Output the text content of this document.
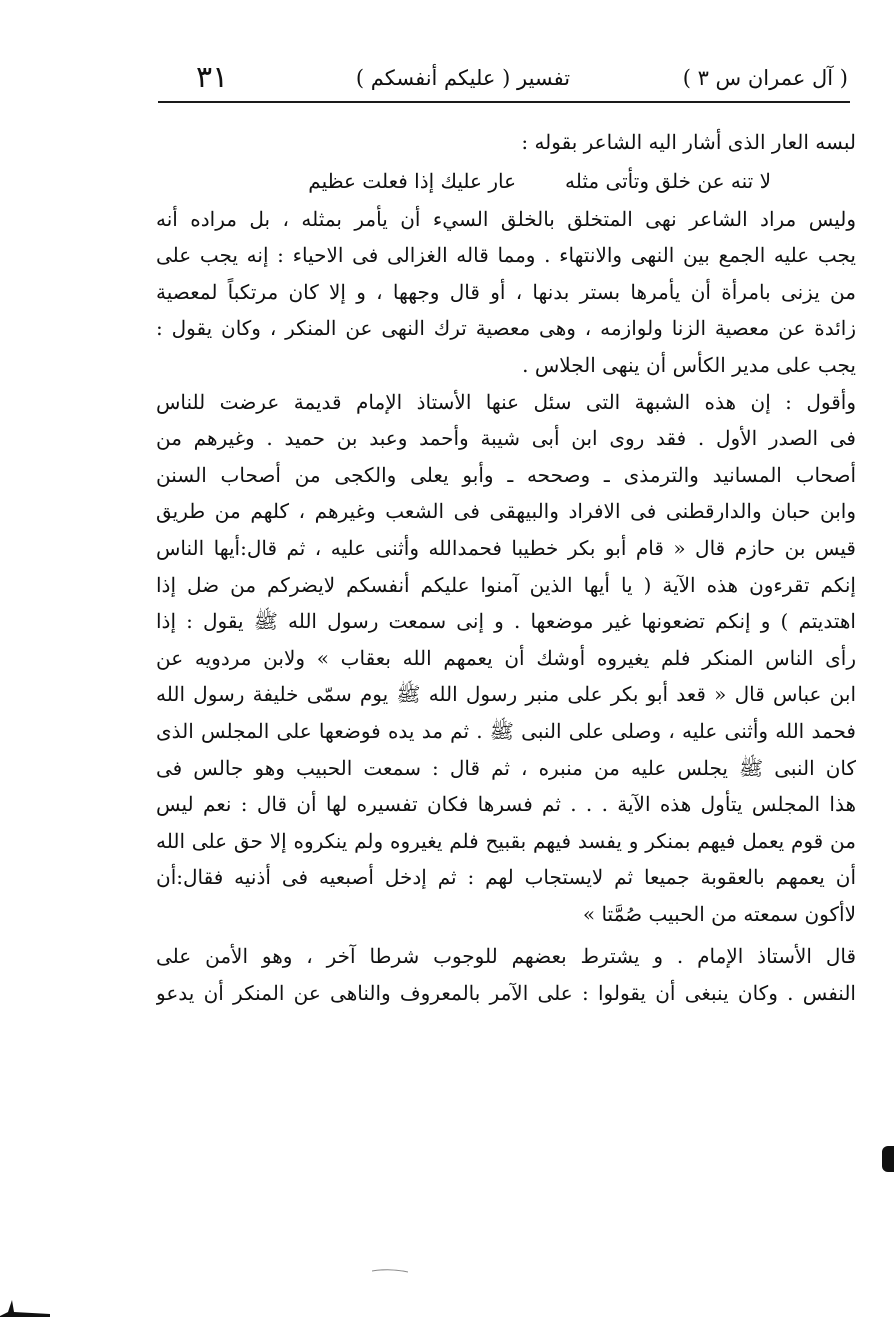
( آل عمران س ٣ )
تفسير ( عليكم أنفسكم )
٣١
لبسه العار الذى أشار اليه الشاعر بقوله :
لا تنه عن خلق وتأتى مثله
عار عليك إذا فعلت عظيم
وليس مراد الشاعر نهى المتخلق بالخلق السيء أن يأمر بمثله ، بل مراده أنه
يجب عليه الجمع بين النهى والانتهاء . ومما قاله الغزالى فى الاحياء : إنه يجب على
من يزنى بامرأة أن يأمرها بستر بدنها ، أو قال وجهها ، و إلا كان مرتكباً لمعصية
زائدة عن معصية الزنا ولوازمه ، وهى معصية ترك النهى عن المنكر ، وكان يقول :
يجب على مدير الكأس أن ينهى الجلاس .
وأقول : إن هذه الشبهة التى سئل عنها الأستاذ الإمام قديمة عرضت للناس
فى الصدر الأول . فقد روى ابن أبى شيبة وأحمد وعبد بن حميد . وغيرهم من
أصحاب المسانيد والترمذى ـ وصححه ـ وأبو يعلى والكجى من أصحاب السنن
وابن حبان والدارقطنى فى الافراد والبيهقى فى الشعب وغيرهم ، كلهم من طريق
قيس بن حازم قال « قام أبو بكر خطيبا فحمدالله وأثنى عليه ، ثم قال:أيها الناس
إنكم تقرءون هذه الآية ( يا أيها الذين آمنوا عليكم أنفسكم لايضركم من ضل إذا
اهتديتم ) و إنكم تضعونها غير موضعها . و إنى سمعت رسول الله ﷺ يقول : إذا
رأى الناس المنكر فلم يغيروه أوشك أن يعمهم الله بعقاب » ولابن مردويه عن
ابن عباس قال « قعد أبو بكر على منبر رسول الله ﷺ يوم سمّى خليفة رسول الله
فحمد الله وأثنى عليه ، وصلى على النبى ﷺ . ثم مد يده فوضعها على المجلس الذى
كان النبى ﷺ يجلس عليه من منبره ، ثم قال : سمعت الحبيب وهو جالس فى
هذا المجلس يتأول هذه الآية . . . ثم فسرها فكان تفسيره لها أن قال : نعم ليس
من قوم يعمل فيهم بمنكر و يفسد فيهم بقبيح فلم يغيروه ولم ينكروه إلا حق على الله
أن يعمهم بالعقوبة جميعا ثم لايستجاب لهم : ثم إدخل أصبعيه فى أذنيه فقال:أن
لاأكون سمعته من الحبيب صُمَّتا »
قال الأستاذ الإمام . و يشترط بعضهم للوجوب شرطا آخر ، وهو الأمن على
النفس . وكان ينبغى أن يقولوا : على الآمر بالمعروف والناهى عن المنكر أن يدعو
